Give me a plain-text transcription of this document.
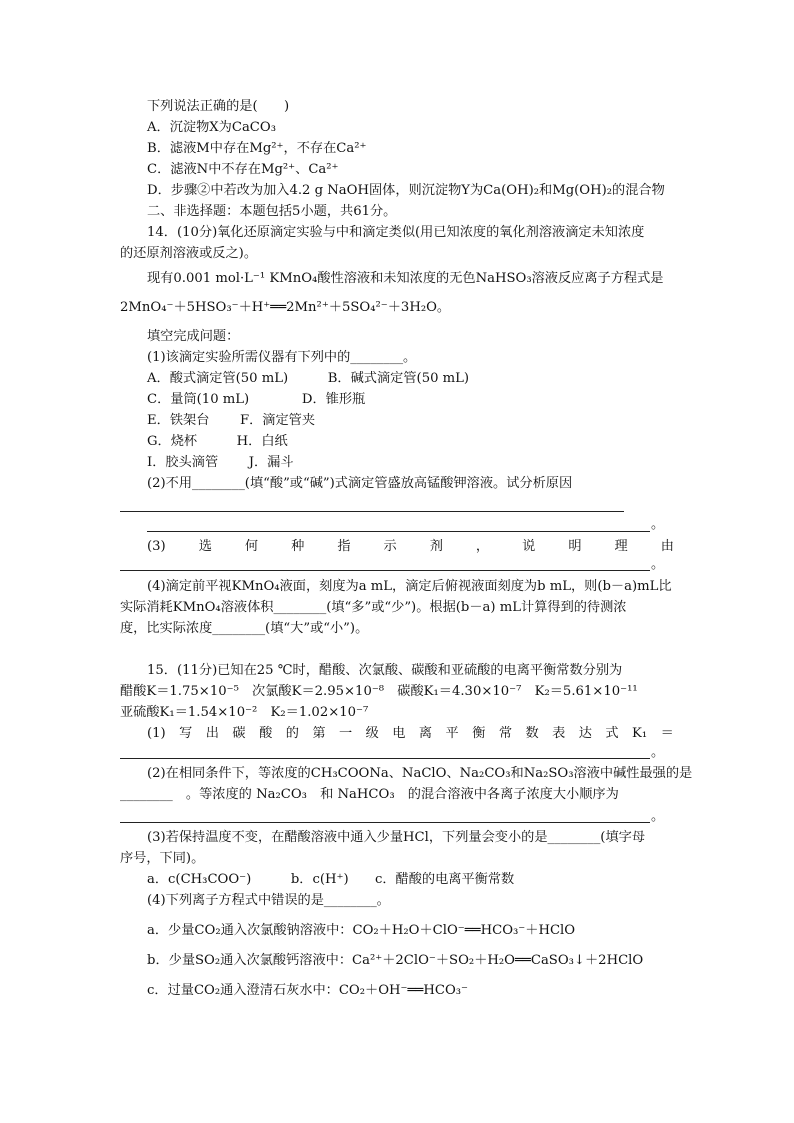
下列说法正确的是(　　)
A．沉淀物X为CaCO₃
B．滤液M中存在Mg²⁺，不存在Ca²⁺
C．滤液N中不存在Mg²⁺、Ca²⁺
D．步骤②中若改为加入4.2 g NaOH固体，则沉淀物Y为Ca(OH)₂和Mg(OH)₂的混合物
二、非选择题：本题包括5小题，共61分。
14．(10分)氧化还原滴定实验与中和滴定类似(用已知浓度的氧化剂溶液滴定未知浓度
的还原剂溶液或反之)。
现有0.001 mol·L⁻¹ KMnO₄酸性溶液和未知浓度的无色NaHSO₃溶液反应离子方程式是
2MnO₄⁻＋5HSO₃⁻＋H⁺══2Mn²⁺＋5SO₄²⁻＋3H₂O。
填空完成问题：
(1)该滴定实验所需仪器有下列中的________。
A．酸式滴定管(50 mL)　　　B．碱式滴定管(50 mL)
C．量筒(10 mL)　　　　D．锥形瓶
E．铁架台　　 F．滴定管夹
G．烧杯　　　H．白纸
I．胶头滴管　　 J．漏斗
(2)不用________(填“酸”或“碱”)式滴定管盛放高锰酸钾溶液。试分析原因
。
(3)	选	何	种	指	示	剂	，	说	明	理	由
。
(4)滴定前平视KMnO₄液面，刻度为a mL，滴定后俯视液面刻度为b mL，则(b－a)mL比
实际消耗KMnO₄溶液体积________(填“多”或“少”)。根据(b－a) mL计算得到的待测浓
度，比实际浓度________(填“大”或“小”)。
15．(11分)已知在25 ℃时，醋酸、次氯酸、碳酸和亚硫酸的电离平衡常数分别为
醋酸K＝1.75×10⁻⁵　次氯酸K＝2.95×10⁻⁸　碳酸K₁＝4.30×10⁻⁷　K₂＝5.61×10⁻¹¹
亚硫酸K₁＝1.54×10⁻²　K₂＝1.02×10⁻⁷
(1) 写 出 碳 酸 的 第 一 级 电 离 平 衡 常 数 表 达 式 K₁ ＝
。
(2)在相同条件下，等浓度的CH₃COONa、NaClO、Na₂CO₃和Na₂SO₃溶液中碱性最强的是
________　。等浓度的 Na₂CO₃　和 NaHCO₃　的混合溶液中各离子浓度大小顺序为
。
(3)若保持温度不变，在醋酸溶液中通入少量HCl，下列量会变小的是________(填字母
序号，下同)。
a．c(CH₃COO⁻)　　　b．c(H⁺)　　c．醋酸的电离平衡常数
(4)下列离子方程式中错误的是________。
a．少量CO₂通入次氯酸钠溶液中：CO₂＋H₂O＋ClO⁻══HCO₃⁻＋HClO
b．少量SO₂通入次氯酸钙溶液中：Ca²⁺＋2ClO⁻＋SO₂＋H₂O══CaSO₃↓＋2HClO
c．过量CO₂通入澄清石灰水中：CO₂＋OH⁻══HCO₃⁻
